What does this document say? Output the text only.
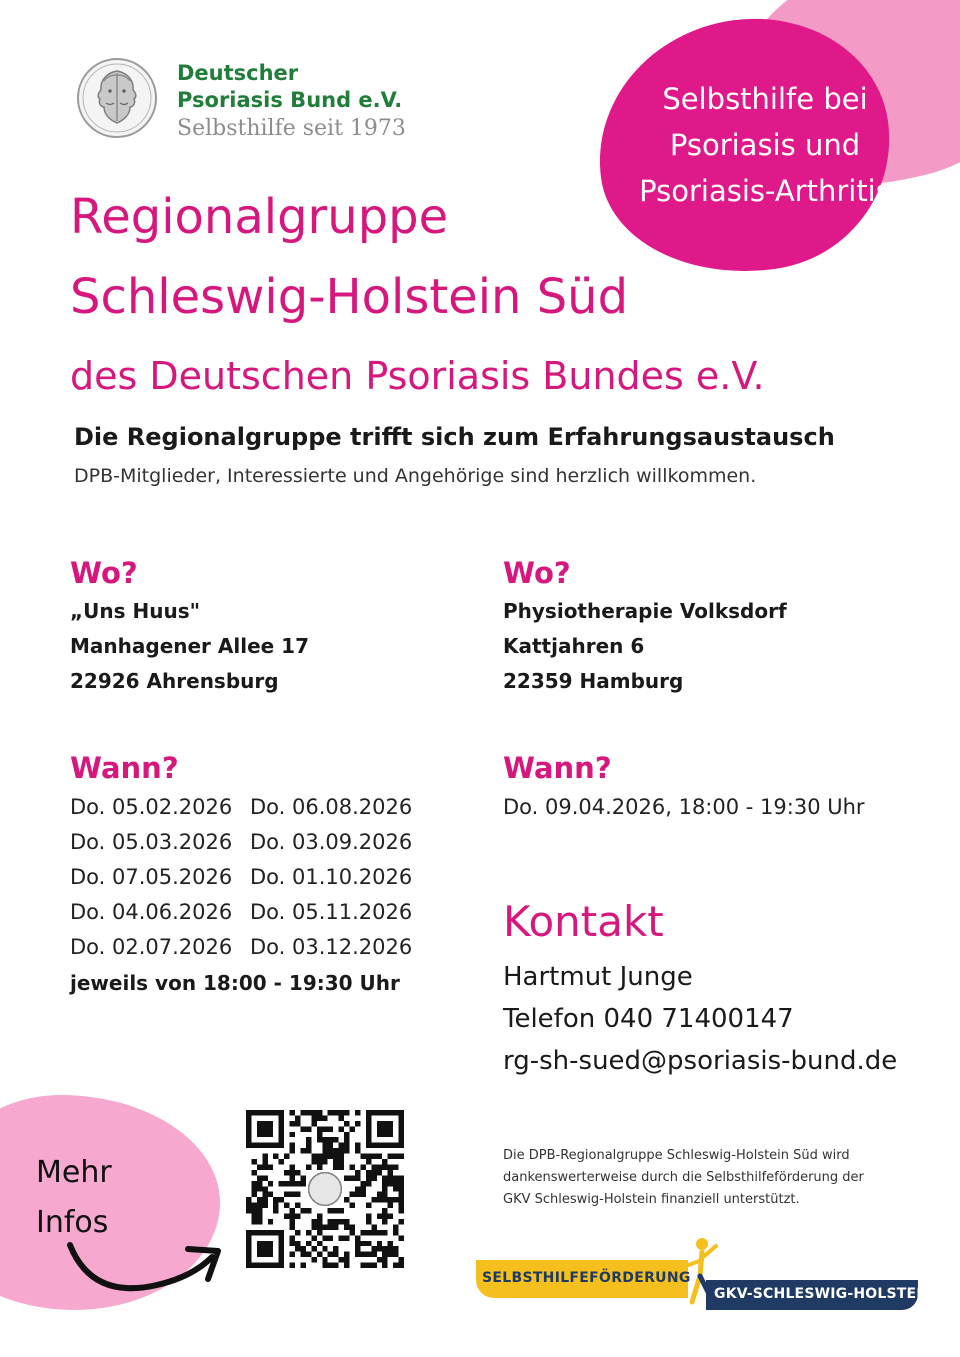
Selbsthilfe bei
Psoriasis und
Psoriasis-Arthritis
Deutscher
Psoriasis Bund e.V.
Selbsthilfe seit 1973
Regionalgruppe
Schleswig-Holstein Süd
des Deutschen Psoriasis Bundes e.V.
Die Regionalgruppe trifft sich zum Erfahrungsaustausch
DPB-Mitglieder, Interessierte und Angehörige sind herzlich willkommen.
Wo?
„Uns Huus"
Manhagener Allee 17
22926 Ahrensburg
Wo?
Physiotherapie Volksdorf
Kattjahren 6
22359 Hamburg
Wann?
Do. 05.02.2026
Do. 05.03.2026
Do. 07.05.2026
Do. 04.06.2026
Do. 02.07.2026
Do. 06.08.2026
Do. 03.09.2026
Do. 01.10.2026
Do. 05.11.2026
Do. 03.12.2026
jeweils von 18:00 - 19:30 Uhr
Wann?
Do. 09.04.2026, 18:00 - 19:30 Uhr
Kontakt
Hartmut Junge
Telefon 040 71400147
rg-sh-sued@psoriasis-bund.de
Die DPB-Regionalgruppe Schleswig-Holstein Süd wird
dankenswerterweise durch die Selbsthilfeförderung der
GKV Schleswig-Holstein finanziell unterstützt.
Mehr
Infos
SELBSTHILFEFÖRDERUNG
GKV-SCHLESWIG-HOLSTEIN
